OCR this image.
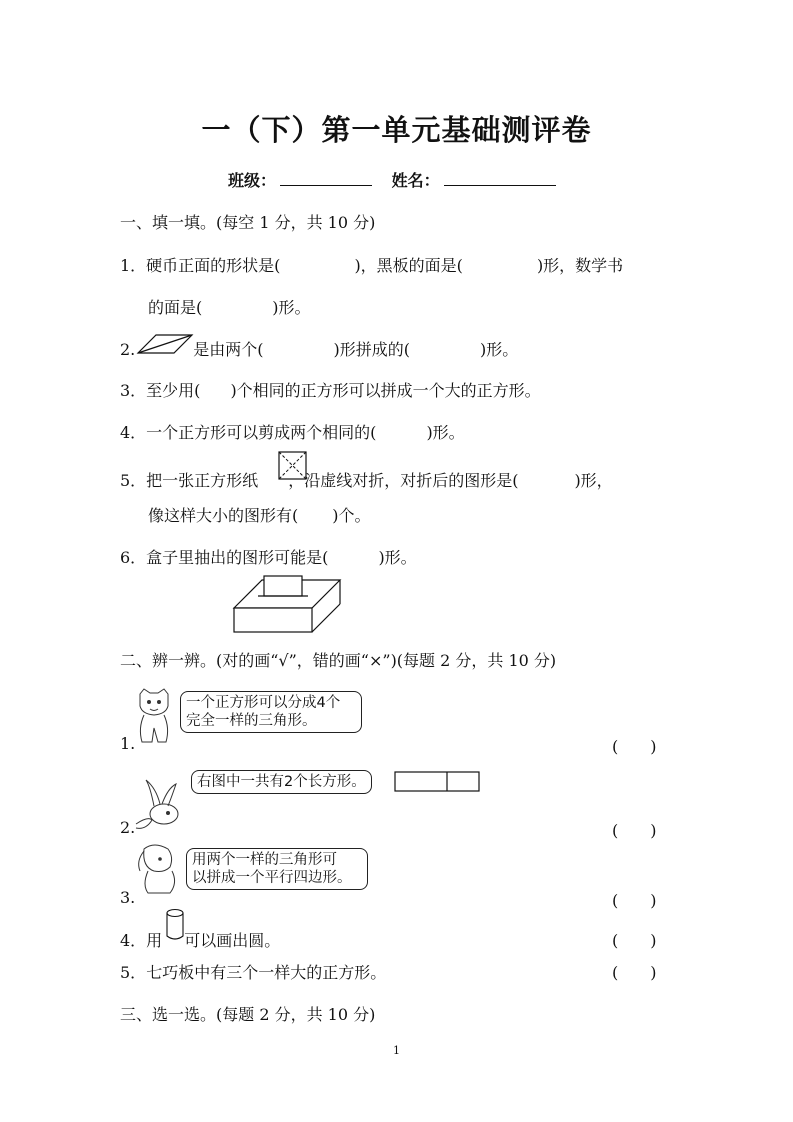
一（下）第一单元基础测评卷
班级：	姓名：
一、填一填。(每空 1 分，共 10 分)
1．硬币正面的形状是(	)，黑板的面是(	)形，数学书
的面是(	)形。
2.	是由两个(	)形拼成的(	)形。
3．至少用( )个相同的正方形可以拼成一个大的正方形。
4．一个正方形可以剪成两个相同的(	)形。
5．把一张正方形纸 ，沿虚线对折，对折后的图形是(	)形，
像这样大小的图形有( )个。
6．盒子里抽出的图形可能是(	)形。
二、辨一辨。(对的画“√”，错的画“×”)(每题 2 分，共 10 分)
一个正方形可以分成4个
完全一样的三角形。
1.	(　　)
右图中一共有2个长方形。
2.	(　　)
用两个一样的三角形可
以拼成一个平行四边形。
3.	(　　)
4．用 可以画出圆。	(　　)
5．七巧板中有三个一样大的正方形。	(　　)
三、选一选。(每题 2 分，共 10 分)
1
